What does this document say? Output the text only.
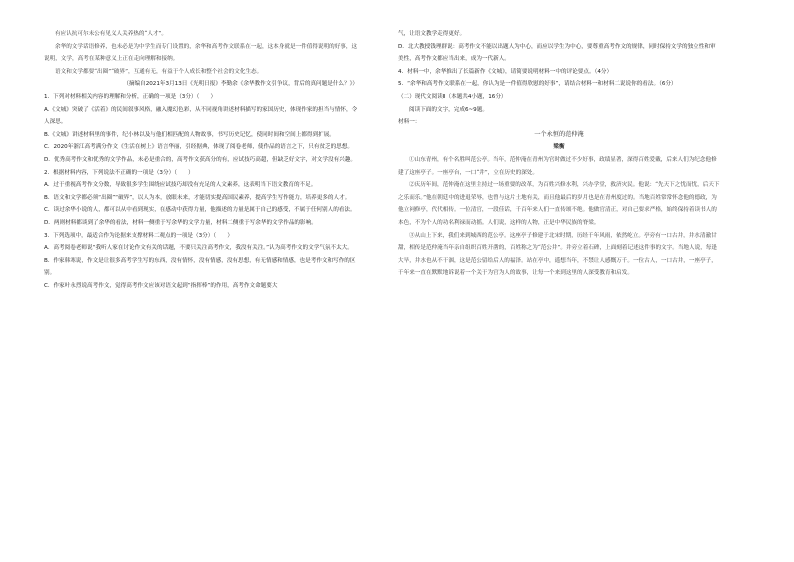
有应认抗可尔未公有见义人关养热的“人才”。

余华的文学话语修养，也未必是为中学生而专门设置的，余华和高考作文联系在一起，这本身就是一件值得说明的好事，这说明，文学，高考在某种意义上正在走向理解和接纳。

语文和文学都要“出圈”“破界”，互通有无，有益于个人成长和整个社会的文化生态。

（摘编自2021年3月13日《光明日报》李勤余《余华教作文引争议，背后的真问题是什么？》）

1．下列对材料相关内容的理解和分析，正确的一项是（3分）（　　）

A.《文城》突破了《活着》的民间叙事风格，融入魔幻色彩，从不同视角讲述材料描写的家国历史，体现作家的担当与情怀，令人深思。

B.《文城》讲述材料里的事件，纪小林以及与他们相匹配的人物故事，书写历史记忆，使同时间和空间上都得到扩展。

C．2020年浙江高考满分作文《生活在树上》语言华丽，引经据典，体现了阅卷老师，使作品的语言之下，只有贫乏的思想。

D．优秀高考作文和优秀的文学作品，未必是重合的，高考作文获高分的有，应试技巧高超，但缺乏好文字，对文学没有兴趣。

2．根据材料内容，下列说法不正确的一项是（3分）（　　）

A．过于重视高考作文分数，导致很多学生围绕应试技巧却没有充足的人文素养，这表明当下语文教育的不足。

B．语文和文学都必须“出圈”“破界”，以人为本，放眼未来，才能切实提高国民素养，提高学生写作能力，培养更多的人才。

C．读过余华小说的人，都可以从中看到现实，在感动中获得力量，他描述的力量是属于自己的感受，不属于任何别人的看法。

D．两则材料都谈到了余华的看法，材料一侧重于写余华的文学力量，材料二侧重于写余华的文学作品的影响。

3．下列选项中，最适合作为论据来支撑材料二观点的一项是（3分）（　　）

A．高考阅卷老师说“我听人家在讨论作文有关的话题，不要只关注高考作文，我没有关注。”认为高考作文的文学气氛不太大。

B．作家韩寒说，作文是让很多高考学生写的东西，没有情怀，没有情感，没有思想，有无情感和情感，也是考作文和写作的区别。

C．作家叶永烈说高考作文，觉得高考作文应该对语文起到“指挥棒”的作用，高考作文命题要大

气，让语文教学走得更好。

D．北大教授钱理群说：高考作文不能以出题人为中心，而应以学生为中心，要尊重高考作文的规律，同时保持文学的独立性和审美性，高考作文都应当出来，成为一代新人。

4．材料一中，余华推出了长篇新作《文城》，请简要说明材料一中的评论要点。（4分）

5．“余华和高考作文联系在一起，你认为是一件值得欣慰的好事”，请结合材料一和材料二说说你的看法。（6分）

（二）现代文阅读Ⅱ（本题共4小题，16分）

阅读下面的文字，完成6~9题。

材料一：

一个永恒的范仲淹

梁衡

①山东青州，有个名胜叫范公亭。当年，范仲淹在青州为官时做过不少好事，政绩显著，深得百姓爱戴，后来人们为纪念他修建了这座亭子。一座亭台，一口“井”，立在历史的深处。

②庆历年间，范仲淹在这里主持过一场重要的改革，为百姓兴修水利，兴办学堂，救济灾民。他说：“先天下之忧而忧，后天下之乐而乐。”他在朝廷中的进退荣辱，也曾与这片土地有关，而且他最后的岁月也是在青州度过的。当地百姓常常怀念他的德政，为他立祠修亭，代代相传。一位清官，一段佳话，千百年来人们一直传颂不绝。他做官清正，对自己要求严格，始终保持着读书人的本色，不为个人的功名利禄而动摇。人们说，这样的人物，正是中华民族的脊梁。

③从山上下来，我们来到城西的范公亭。这座亭子修建于北宋时期，历经千年风雨，依然屹立。亭旁有一口古井，井水清澈甘甜，相传是范仲淹当年亲自组织百姓开凿的，百姓称之为“范公井”。井旁立着石碑，上面刻着记述这件事的文字。当地人说，每逢大旱，井水也从不干涸，这是范公留给后人的福泽。站在亭中，遥想当年，不禁让人感慨万千。一位古人，一口古井，一座亭子，千年来一直在默默地诉说着一个关于为官为人的故事，让每一个来到这里的人深受教育和启发。
